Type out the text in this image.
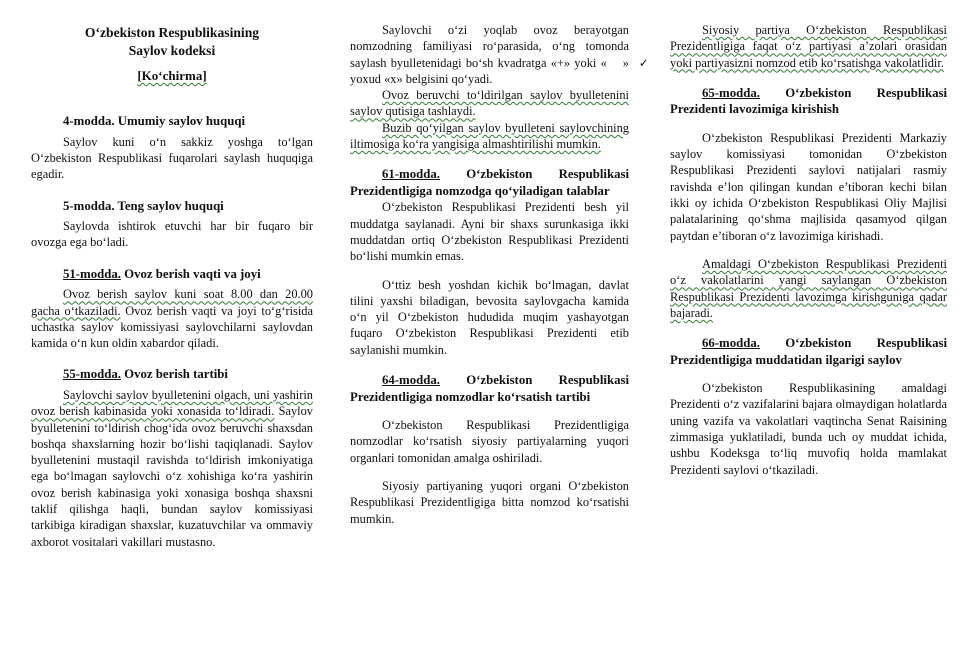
O‘zbekiston Respublikasining
Saylov kodeksi
[Ko‘chirma]
4-modda. Umumiy saylov huquqi

Saylov kuni o‘n sakkiz yoshga to‘lgan O‘zbekiston Respublikasi fuqarolari saylash huquqiga egadir.

5-modda. Teng saylov huquqi

Saylovda ishtirok etuvchi har bir fuqaro bir ovozga ega bo‘ladi.

51-modda. Ovoz berish vaqti va joyi

Ovoz berish saylov kuni soat 8.00 dan 20.00 gacha o‘tkaziladi. Ovoz berish vaqti va joyi to‘g‘risida uchastka saylov komissiyasi saylovchilarni saylovdan kamida o‘n kun oldin xabardor qiladi.

55-modda. Ovoz berish tartibi

Saylovchi saylov byulletenini olgach, uni yashirin ovoz berish kabinasida yoki xonasida to‘ldiradi. Saylov byulletenini to‘ldirish chog‘ida ovoz beruvchi shaxsdan boshqa shaxslarning hozir bo‘lishi taqiqlanadi. Saylov byulletenini mustaqil ravishda to‘ldirish imkoniyatiga ega bo‘lmagan saylovchi o‘z xohishiga ko‘ra yashirin ovoz berish kabinasiga yoki xonasiga boshqa shaxsni taklif qilishga haqli, bundan saylov komissiyasi tarkibiga kiradigan shaxslar, kuzatuvchilar va ommaviy axborot vositalari vakillari mustasno.

Saylovchi o‘zi yoqlab ovoz berayotgan nomzodning familiyasi ro‘parasida, o‘ng tomonda saylash byulletenidagi bo‘sh kvadratga «+» yoki «	✓» yoxud «x» belgisini qo‘yadi.

Ovoz beruvchi to‘ldirilgan saylov byulletenini saylov qutisiga tashlaydi.

Buzib qo‘yilgan saylov byulleteni saylovchining iltimosiga ko‘ra yangisiga almashtirilishi mumkin.

61-modda. O‘zbekiston Respublikasi Prezidentligiga nomzodga qo‘yiladigan talablar

O‘zbekiston Respublikasi Prezidenti besh yil muddatga saylanadi. Ayni bir shaxs surunkasiga ikki muddatdan ortiq O‘zbekiston Respublikasi Prezidenti bo‘lishi mumkin emas.

O‘ttiz besh yoshdan kichik bo‘lmagan, davlat tilini yaxshi biladigan, bevosita saylovgacha kamida o‘n yil O‘zbekiston hududida muqim yashayotgan fuqaro O‘zbekiston Respublikasi Prezidenti etib saylanishi mumkin.

64-modda. O‘zbekiston Respublikasi Prezidentligiga nomzodlar ko‘rsatish tartibi

O‘zbekiston Respublikasi Prezidentligiga nomzodlar ko‘rsatish siyosiy partiyalarning yuqori organlari tomonidan amalga oshiriladi.

Siyosiy partiyaning yuqori organi O‘zbekiston Respublikasi Prezidentligiga bitta nomzod ko‘rsatishi mumkin.

Siyosiy partiya O‘zbekiston Respublikasi Prezidentligiga faqat o‘z partiyasi a’zolari orasidan yoki partiyasizni nomzod etib ko‘rsatishga vakolatlidir.

65-modda. O‘zbekiston Respublikasi Prezidenti lavozimiga kirishish

O‘zbekiston Respublikasi Prezidenti Markaziy saylov komissiyasi tomonidan O‘zbekiston Respublikasi Prezidenti saylovi natijalari rasmiy ravishda e’lon qilingan kundan e’tiboran kechi bilan ikki oy ichida O‘zbekiston Respublikasi Oliy Majlisi palatalarining qo‘shma majlisida qasamyod qilgan paytdan e’tiboran o‘z lavozimiga kirishadi.

Amaldagi O‘zbekiston Respublikasi Prezidenti o‘z vakolatlarini yangi saylangan O‘zbekiston Respublikasi Prezidenti lavozimga kirishguniga qadar bajaradi.

66-modda. O‘zbekiston Respublikasi Prezidentligiga muddatidan ilgarigi saylov

O‘zbekiston Respublikasining amaldagi Prezidenti o‘z vazifalarini bajara olmaydigan holatlarda uning vazifa va vakolatlari vaqtincha Senat Raisining zimmasiga yuklatiladi, bunda uch oy muddat ichida, ushbu Kodeksga to‘liq muvofiq holda mamlakat Prezidenti saylovi o‘tkaziladi.
